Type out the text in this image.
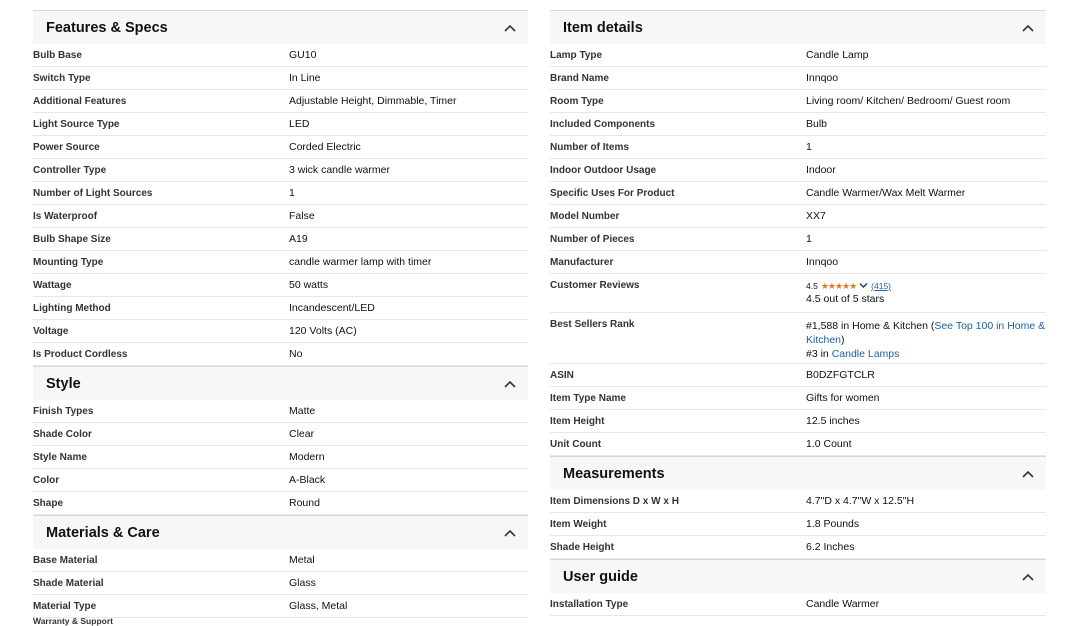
Features & Specs
Bulb Base	GU10
Switch Type	In Line
Additional Features	Adjustable Height, Dimmable, Timer
Light Source Type	LED
Power Source	Corded Electric
Controller Type	3 wick candle warmer
Number of Light Sources	1
Is Waterproof	False
Bulb Shape Size	A19
Mounting Type	candle warmer lamp with timer
Wattage	50 watts
Lighting Method	Incandescent/LED
Voltage	120 Volts (AC)
Is Product Cordless	No
Style
Finish Types	Matte
Shade Color	Clear
Style Name	Modern
Color	A-Black
Shape	Round
Materials & Care
Base Material	Metal
Shade Material	Glass
Material Type	Glass, Metal
Warranty & Support
Item details
Lamp Type	Candle Lamp
Brand Name	Innqoo
Room Type	Living room/ Kitchen/ Bedroom/ Guest room
Included Components	Bulb
Number of Items	1
Indoor Outdoor Usage	Indoor
Specific Uses For Product	Candle Warmer/Wax Melt Warmer
Model Number	XX7
Number of Pieces	1
Manufacturer	Innqoo
Customer Reviews	4.5 ★★★★★ (415)
4.5 out of 5 stars
Best Sellers Rank	#1,588 in Home & Kitchen (See Top 100 in Home & Kitchen)
#3 in Candle Lamps
ASIN	B0DZFGTCLR
Item Type Name	Gifts for women
Item Height	12.5 inches
Unit Count	1.0 Count
Measurements
Item Dimensions D x W x H	4.7"D x 4.7"W x 12.5"H
Item Weight	1.8 Pounds
Shade Height	6.2 Inches
User guide
Installation Type	Candle Warmer
